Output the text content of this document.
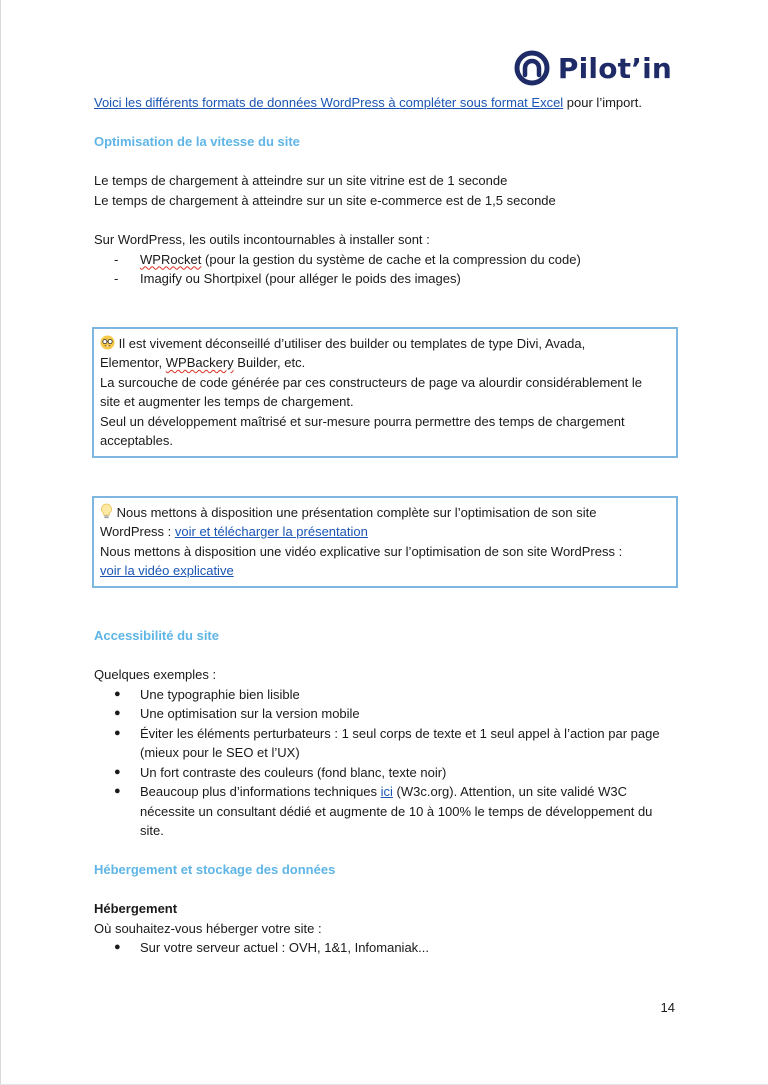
Pilot’in

Voici les différents formats de données WordPress à compléter sous format Excel pour l’import.

Optimisation de la vitesse du site

Le temps de chargement à atteindre sur un site vitrine est de 1 seconde

Le temps de chargement à atteindre sur un site e-commerce est de 1,5 seconde

Sur WordPress, les outils incontournables à installer sont :

- WPRocket (pour la gestion du système de cache et la compression du code)
- Imagify ou Shortpixel (pour alléger le poids des images)

Il est vivement déconseillé d’utiliser des builder ou templates de type Divi, Avada,

Elementor, WPBackery Builder, etc.

La surcouche de code générée par ces constructeurs de page va alourdir considérablement le

site et augmenter les temps de chargement.

Seul un développement maîtrisé et sur-mesure pourra permettre des temps de chargement

acceptables.

Nous mettons à disposition une présentation complète sur l’optimisation de son site

WordPress : voir et télécharger la présentation

Nous mettons à disposition une vidéo explicative sur l’optimisation de son site WordPress :

voir la vidéo explicative

Accessibilité du site

Quelques exemples :

● Une typographie bien lisible
● Une optimisation sur la version mobile
● Éviter les éléments perturbateurs : 1 seul corps de texte et 1 seul appel à l’action par page (mieux pour le SEO et l’UX)
● Un fort contraste des couleurs (fond blanc, texte noir)
● Beaucoup plus d’informations techniques ici (W3c.org). Attention, un site validé W3C nécessite un consultant dédié et augmente de 10 à 100% le temps de développement du site.

Hébergement et stockage des données

Hébergement

Où souhaitez-vous héberger votre site :

● Sur votre serveur actuel : OVH, 1&1, Infomaniak...
14
